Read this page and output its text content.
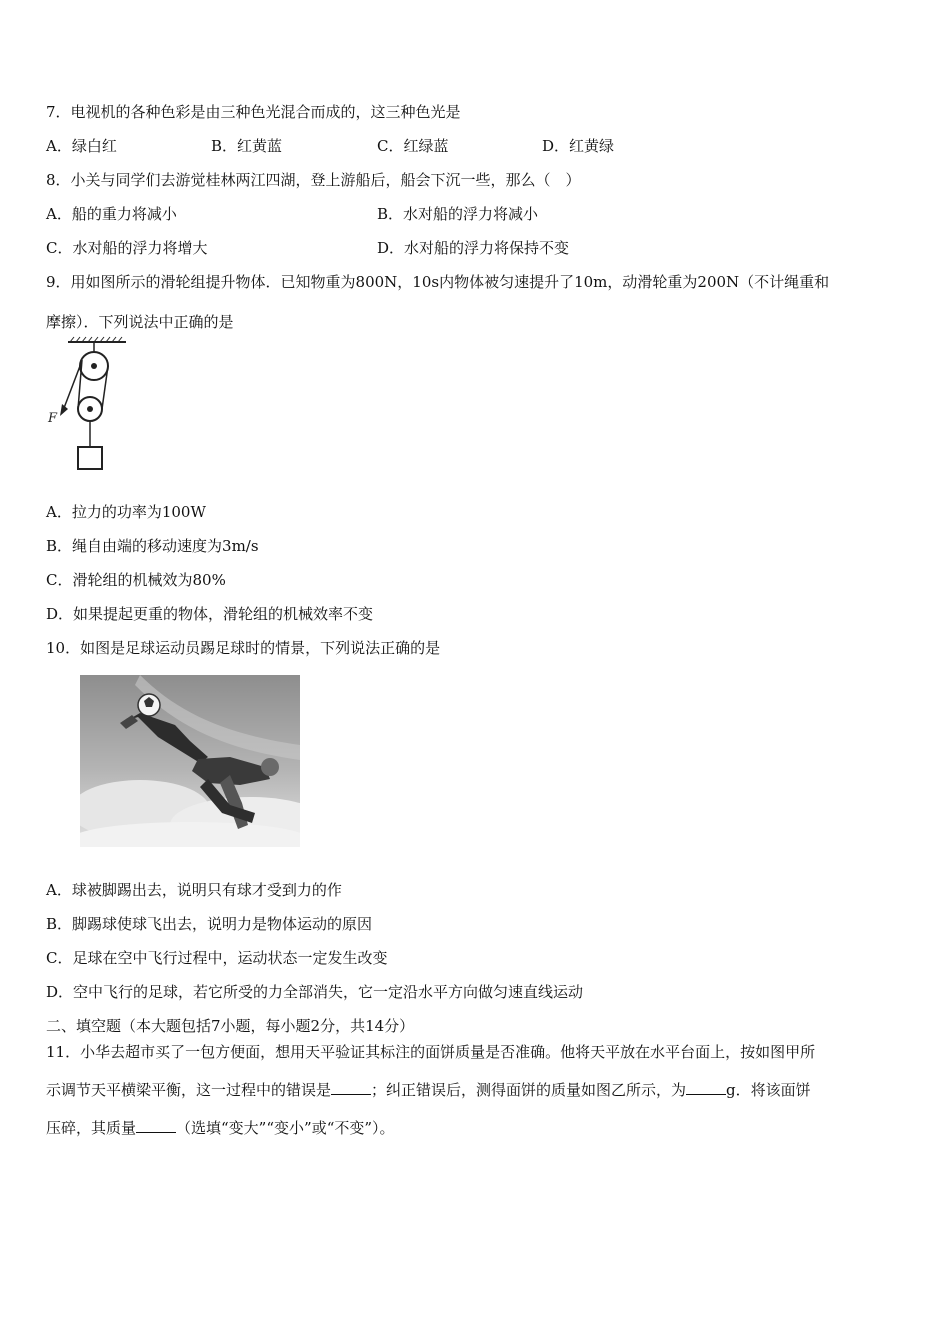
7．电视机的各种色彩是由三种色光混合而成的，这三种色光是
A．绿白红	B．红黄蓝	C．红绿蓝	D．红黄绿
8．小关与同学们去游觉桂林两江四湖，登上游船后，船会下沉一些，那么（　）
A．船的重力将减小	B．水对船的浮力将减小
C．水对船的浮力将增大	D．水对船的浮力将保持不变
9．用如图所示的滑轮组提升物体．已知物重为800N，10s内物体被匀速提升了10m，动滑轮重为200N（不计绳重和
摩擦）．下列说法中正确的是
F
A．拉力的功率为100W
B．绳自由端的移动速度为3m/s
C．滑轮组的机械效为80%
D．如果提起更重的物体，滑轮组的机械效率不变
10．如图是足球运动员踢足球时的情景，下列说法正确的是
A．球被脚踢出去，说明只有球才受到力的作
B．脚踢球使球飞出去，说明力是物体运动的原因
C．足球在空中飞行过程中，运动状态一定发生改变
D．空中飞行的足球，若它所受的力全部消失，它一定沿水平方向做匀速直线运动
二、填空题（本大题包括7小题，每小题2分，共14分）
11．小华去超市买了一包方便面，想用天平验证其标注的面饼质量是否准确。他将天平放在水平台面上，按如图甲所
示调节天平横梁平衡，这一过程中的错误是	；纠正错误后，测得面饼的质量如图乙所示，为	g．将该面饼
压碎，其质量	（选填“变大”“变小”或“不变”）。
